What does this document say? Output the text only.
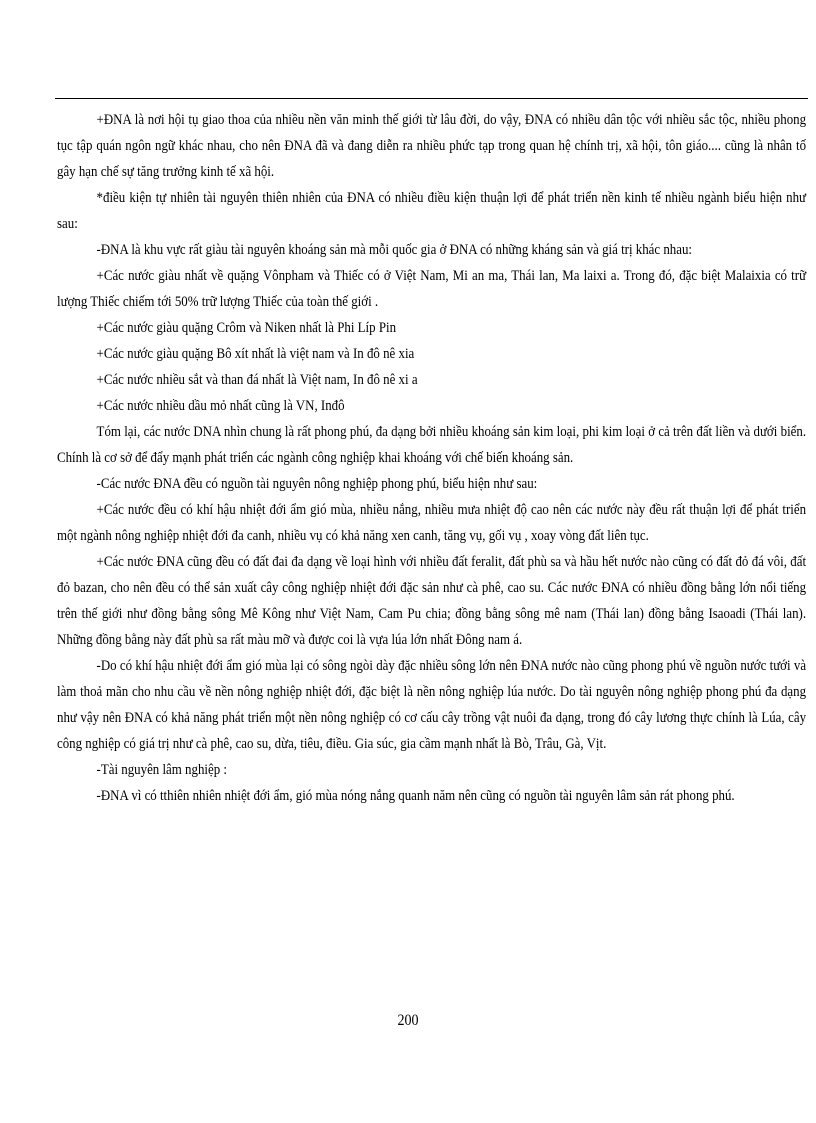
+ĐNA là nơi hội tụ giao thoa của nhiều nền văn minh thế giới từ lâu đời, do vậy, ĐNA có nhiều dân tộc với nhiều sắc tộc, nhiều phong tục tập quán ngôn ngữ khác nhau, cho nên ĐNA đã và đang diễn ra nhiều phức tạp trong quan hệ chính trị, xã hội, tôn giáo.... cũng là nhân tố gây hạn chế sự tăng trưởng kinh tế xã hội.

*điều kiện tự nhiên tài nguyên thiên nhiên của ĐNA có nhiều điều kiện thuận lợi để phát triển nền kinh tế nhiều ngành biểu hiện như sau:

-ĐNA là khu vực rất giàu tài nguyên khoáng sản mà mỗi quốc gia ở ĐNA có những kháng sản và giá trị khác nhau:

+Các nước giàu nhất về quặng Vônpham và Thiếc có ở Việt Nam, Mi an ma, Thái lan, Ma laixi a. Trong đó, đặc biệt Malaixia có trữ lượng Thiếc chiếm tới 50% trữ lượng Thiếc của toàn thế giới .

+Các nước giàu quặng Crôm và Niken nhất là Phi Líp Pin

+Các nước giàu quặng Bô xít nhất là việt nam và In đô nê xia

+Các nước nhiều sắt và than đá nhất là Việt nam, In đô nê xi a

+Các nước nhiều dầu mỏ nhất cũng là VN, Inđô

Tóm lại, các nước DNA nhìn chung là rất phong phú, đa dạng bởi nhiều khoáng sản kim loại, phi kim loại ở cả trên đất liền và dưới biển. Chính là cơ sở để đẩy mạnh phát triển các ngành công nghiệp khai khoáng với chế biến khoáng sản.

-Các nước ĐNA đều có nguồn tài nguyên nông nghiệp phong phú, biểu hiện như sau:

+Các nước đều có khí hậu nhiệt đới ẩm gió mùa, nhiều nắng, nhiều mưa nhiệt độ cao nên các nước này đều rất thuận lợi để phát triển một ngành nông nghiệp nhiệt đới đa canh, nhiều vụ có khả năng xen canh, tăng vụ, gối vụ , xoay vòng đất liên tục.

+Các nước ĐNA cũng đều có đất đai đa dạng về loại hình với nhiều đất feralit, đất phù sa và hầu hết nước nào cũng có đất đỏ đá vôi, đất đỏ bazan, cho nên đều có thể sản xuất cây công nghiệp nhiệt đới đặc sản như cà phê, cao su. Các nước ĐNA có nhiều đồng bằng lớn nổi tiếng trên thế giới như đồng bằng sông Mê Kông như Việt Nam, Cam Pu chia; đồng bằng sông mê nam (Thái lan) đồng bằng Isaoadi (Thái lan). Những đồng bằng này đất phù sa rất màu mỡ và được coi là vựa lúa lớn nhất Đông nam á.

-Do có khí hậu nhiệt đới ẩm gió mùa lại có sông ngòi dày đặc nhiều sông lớn nên ĐNA nước nào cũng phong phú về nguồn nước tưới và làm thoả mãn cho nhu cầu về nền nông nghiệp nhiệt đới, đặc biệt là nền nông nghiệp lúa nước. Do tài nguyên nông nghiệp phong phú đa dạng như vậy nên ĐNA có khả năng phát triển một nền nông nghiệp có cơ cấu cây trồng vật nuôi đa dạng, trong đó cây lương thực chính là Lúa, cây công nghiệp có giá trị như cà phê, cao su, dừa, tiêu, điều. Gia súc, gia cầm mạnh nhất là Bò, Trâu, Gà, Vịt.

-Tài nguyên lâm nghiệp :

-ĐNA vì có tthiên nhiên nhiệt đới ẩm, gió mùa nóng nắng quanh năm nên cũng có nguồn tài nguyên lâm sản rát phong phú.

200
